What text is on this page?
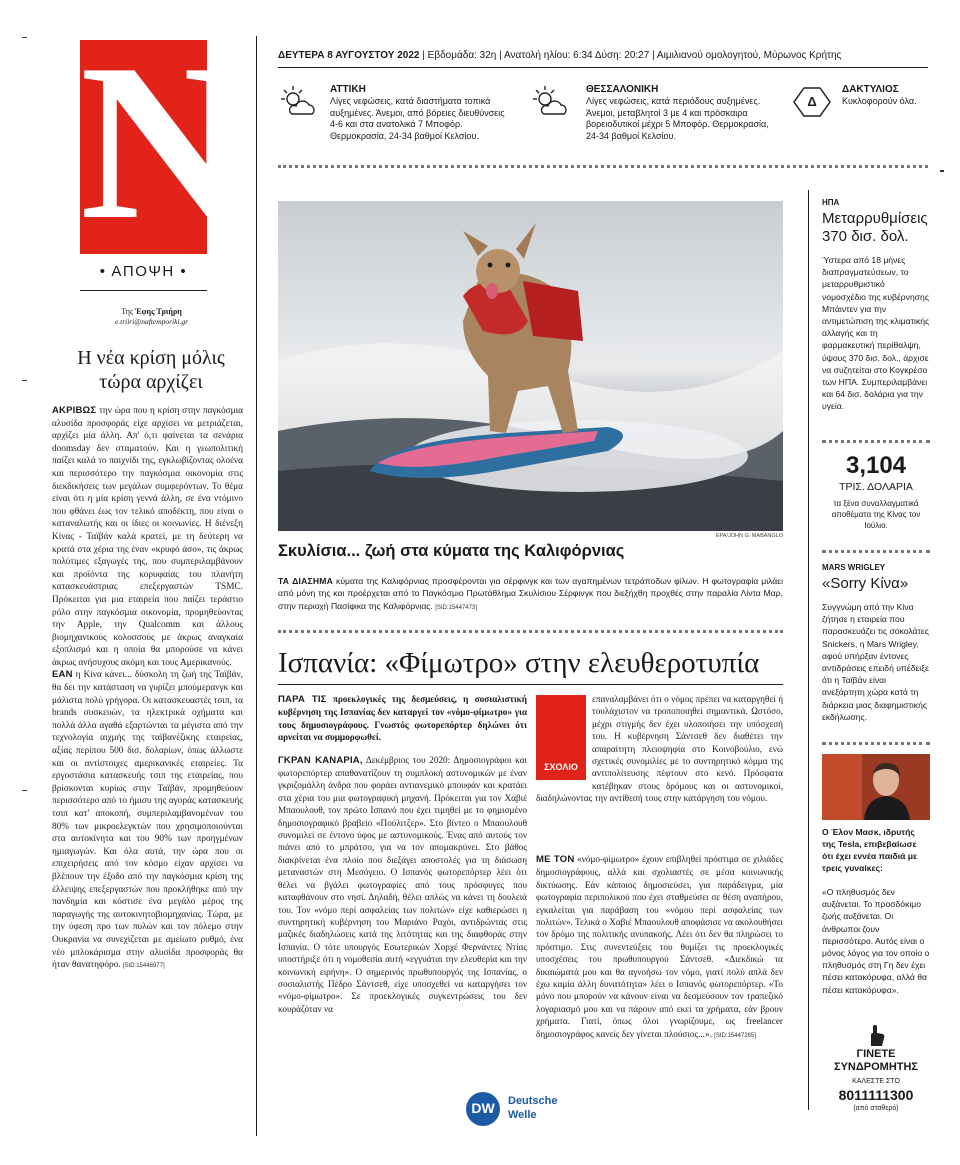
N
• ΑΠΟΨΗ •
Της Έφης Τριήρη
e.triiri@naftemporiki.gr
Η νέα κρίση μόλις τώρα αρχίζει

ΑΚΡΙΒΩΣ την ώρα που η κρίση στην παγκόσμια αλυσίδα προσφοράς είχε αρχίσει να μετριάζεται, αρχίζει μία άλλη. Απ' ό,τι φαίνεται τα σενάρια doomsday δεν σταματούν. Και η γεωπολιτική παίζει καλά το παιχνίδι της, εγκλωβίζοντας ολοένα και περισσότερο την παγκόσμια οικονομία στις διεκδικήσεις των μεγάλων συμφερόντων. Το θέμα είναι ότι η μία κρίση γεννά άλλη, σε ένα ντόμινο που φθάνει έως τον τελικό αποδέκτη, που είναι ο καταναλωτής και οι ίδιες οι κοινωνίες. Η διένεξη Κίνας - Ταϊβάν καλά κρατεί, με τη δεύτερη να κρατά στα χέρια της έναν «κρυφό άσο», τις άκρως πολύτιμες εξαγωγές της, που συμπεριλαμβάνουν και προϊόντα της κορυφαίας του πλανήτη κατασκευάστριας επεξεργαστών TSMC. Πρόκειται για μια εταιρεία που παίζει τεράστιο ρόλο στην παγκόσμια οικονομία, προμηθεύοντας την Apple, την Qualcomm και άλλους βιομηχανικούς κολοσσούς με άκρως αναγκαία εξοπλισμό και η οποία θα μπορούσε να κάνει άκρως ανήσυχους ακόμη και τους Αμερικανούς.

ΕΑΝ η Κίνα κάνει... δύσκολη τη ζωή της Ταϊβάν, θα δει την κατάσταση να γυρίζει μπούμερανγκ και μάλιστα πολύ γρήγορα. Οι κατασκευαστές τσιπ, τα brands συσκευών, τα ηλεκτρικά οχήματα και πολλά άλλα αγαθά εξαρτώνται τα μέγιστα από την τεχνολογία αιχμής της ταϊβανέζικης εταιρείας, αξίας περίπου 500 δισ. δολαρίων, όπως άλλωστε και οι αντίστοιχες αμερικανικές εταιρείες. Τα εργοστάσια κατασκευής τσιπ της εταιρείας, που βρίσκονται κυρίως στην Ταϊβάν, προμηθεύουν περισσότερο από το ήμισυ της αγοράς κατασκευής τσιπ κατ' αποκοπή, συμπεριλαμβανομένων του 80% των μικροελεγκτών που χρησιμοποιούνται στα αυτοκίνητα και του 90% των προηγμένων ημιαγωγών. Και όλα αυτά, την ώρα που οι επιχειρήσεις από τον κόσμο είχαν αρχίσει να βλέπουν την έξοδο από την παγκόσμια κρίση της έλλειψης επεξεργαστών που προκλήθηκε από την πανδημία και κόστισε ένα μεγάλο μέρος της παραγωγής της αυτοκινητοβιομηχανίας. Τώρα, με την ύφεση προ των πυλών και τον πόλεμο στην Ουκρανία να συνεχίζεται με αμείωτο ρυθμό, ένα νέο μπλοκάρισμα στην αλυσίδα προσφοράς θα ήταν θανατηφόρο. [SID:15446977]

ΔΕΥΤΕΡΑ 8 ΑΥΓΟΥΣΤΟΥ 2022 | Εβδομάδα: 32η | Ανατολή ηλίου: 6:34 Δύση: 20:27 | Αιμιλιανού ομολογητού, Μύρωνος Κρήτης
ΑΤΤΙΚΗ
Λίγες νεφώσεις, κατά διαστήματα τοπικά αυξημένες. Άνεμοι, από βόρειες διευθύνσεις 4-6 και στα ανατολικά 7 Μποφόρ. Θερμοκρασία, 24-34 βαθμοί Κελσίου.
ΘΕΣΣΑΛΟΝΙΚΗ
Λίγες νεφώσεις, κατά περιόδους αυξημένες. Άνεμοι, μεταβλητοί 3 με 4 και πρόσκαιρα βορειοδυτικοί μέχρι 5 Μποφόρ. Θερμοκρασία, 24-34 βαθμοί Κελσίου.
Δ
ΔΑΚΤΥΛΙΟΣ
Κυκλοφορούν όλα.
EPA/JOHN G. MABANGLO
Σκυλίσια... ζωή στα κύματα της Καλιφόρνιας
ΤΑ ΔΙΑΣΗΜΑ κύματα της Καλιφόρνιας προσφέρονται για σέρφινγκ και των αγαπημένων τετράποδων φίλων. Η φωτογραφία μιλάει από μόνη της και προέρχεται από το Παγκόσμιο Πρωτάθλημα Σκυλίσιου Σέρφινγκ που διεξήχθη προχθές στην παραλία Λίντα Μαρ, στην περιοχή Πασίφικα της Καλιφόρνιας. [SID:15447473]
Ισπανία: «Φίμωτρο» στην ελευθεροτυπία

ΠΑΡΑ ΤΙΣ προεκλογικές της δεσμεύσεις, η σοσιαλιστική κυβέρνηση της Ισπανίας δεν καταργεί τον «νόμο-φίμωτρο» για τους δημοσιογράφους. Γνωστός φωτορεπόρτερ δηλώνει ότι αρνείται να συμμορφωθεί.

ΓΚΡΑΝ ΚΑΝΑΡΙΑ, Δεκέμβριος του 2020: Δημοσιογράφοι και φωτορεπόρτερ απαθανατίζουν τη συμπλοκή αστυνομικών με έναν γκριζομάλλη άνδρα που φοράει αντιανεμικό μπουφάν και κρατάει στα χέρια του μια φωτογραφική μηχανή. Πρόκειται για τον Χαβιέ Μπαουλουθ, τον πρώτο Ισπανό που έχει τιμηθεί με το φημισμένο δημοσιογραφικό βραβείο «Πούλιτζερ». Στο βίντεο ο Μπαουλουθ συνομιλεί σε έντονο ύφος με αστυνομικούς. Ένας από αυτούς τον πιάνει από το μπράτσο, για να τον απομακρύνει. Στο βάθος διακρίνεται ένα πλοίο που διεξάγει αποστολές για τη διάσωση μεταναστών στη Μεσόγειο. Ο Ισπανός φωτορεπόρτερ λέει ότι θέλει να βγάλει φωτογραφίες από τους πρόσφυγες που καταφθάνουν στο νησί. Δηλαδή, θέλει απλώς να κάνει τη δουλειά του. Τον «νόμο περί ασφαλείας των πολιτών» είχε καθιερώσει η συντηρητική κυβέρνηση του Μαριάνο Ραχόι, αντιδρώντας στις μαζικές διαδηλώσεις κατά της λιτότητας και της διαφθοράς στην Ισπανία. Ο τότε υπουργός Εσωτερικών Χορχέ Φερνάντες Ντίας υποστήριξε ότι η νομοθεσία αυτή «εγγυάται την ελευθερία και την κοινωνική ειρήνη». Ο σημερινός πρωθυπουργός της Ισπανίας, ο σοσιαλιστής Πέδρο Σάντσεθ, είχε υποσχεθεί να καταργήσει τον «νόμο-φίμωτρο». Σε προεκλογικές συγκεντρώσεις του δεν κουράζόταν να

ΣΧΟΛΙΟ
επαναλαμβάνει ότι ο νόμος πρέπει να καταργηθεί ή τουλάχιστον να τροποποιηθεί σημαντικά. Ωστόσο, μέχρι στιγμής δεν έχει υλοποιήσει την υπόσχεσή του. Η κυβέρνηση Σάντσεθ δεν διαθέτει την απαραίτητη πλειοψηφία στο Κοινοβούλιο, ενώ σχετικές συνομιλίες με το συντηρητικό κόμμα της αντιπολίτευσης πέφτουν στο κενό. Πρόσφατα κατέβηκαν στους δρόμους και οι αστυνομικοί, διαδηλώνοντας την αντίθεσή τους στην κατάργηση του νόμου.

ΜΕ ΤΟΝ «νόμο-φίμωτρο» έχουν επιβληθεί πρόστιμα σε χιλιάδες δημοσιογράφους, αλλά και σχολιαστές σε μέσα κοινωνικής δικτύωσης. Εάν κάποιος δημοσιεύσει, για παράδειγμα, μία φωτογραφία περιπολικού που έχει σταθμεύσει σε θέση αναπήρου, εγκαλείται για παράβαση του «νόμου περί ασφαλείας των πολιτών». Τελικά ο Χαβιέ Μπαουλουθ αποφάσισε να ακολουθήσει τον δρόμο της πολιτικής ανυπακοής. Λέει ότι δεν θα πληρώσει το πρόστιμο. Στις συνεντεύξεις του θυμίζει τις προεκλογικές υποσχέσεις του πρωθυπουργού Σάντσεθ. «Διεκδικώ τα δικαιώματά μου και θα αγνοήσω τον νόμο, γιατί πολύ απλά δεν έχω καμία άλλη δυνατότητα» λέει ο Ισπανός φωτορεπόρτερ. «Το μόνο που μπορούν να κάνουν είναι να δεσμεύσουν τον τραπεζικό λογαριασμό μου και να πάρουν από εκεί τα χρήματα, εάν βρουν χρήματα. Γιατί, όπως όλοι γνωρίζουμε, ως freelancer δημοσιογράφος κανείς δεν γίνεται πλούσιος...». [SID:15447265]

DW	Deutsche
Welle
ΗΠΑ
Μεταρρυθμίσεις 370 δισ. δολ.
Ύστερα από 18 μήνες διαπραγματεύσεων, το μεταρρυθμιστικό νομοσχέδιο της κυβέρνησης Μπάιντεν για την αντιμετώπιση της κλιματικής αλλαγής και τη φαρμακευτική περίθαλψη, ύψους 370 δισ. δολ., άρχισε να συζητείται στο Κογκρέσο των ΗΠΑ. Συμπεριλαμβάνει και 64 δισ. δολάρια για την υγεία.
3,104
ΤΡΙΣ. ΔΟΛΑΡΙΑ
τα ξένα συναλλαγματικά αποθέματα της Κίνας τον Ιούλιο.
MARS WRIGLEY
«Sorry Κίνα»
Συγγνώμη από την Κίνα ζήτησε η εταιρεία που παρασκευάζει τις σοκολάτες Snickers, η Mars Wrigley, αφού υπήρξαν έντονες αντιδράσεις επειδή υπέδειξε ότι η Ταϊβάν είναι ανεξάρτητη χώρα κατά τη διάρκεια μιας διαφημιστικής εκδήλωσης.
Ο Έλον Μασκ, ιδρυτής της Tesla, επιβεβαίωσε ότι έχει εννέα παιδιά με τρεις γυναίκες:
«Ο πληθυσμός δεν αυξάνεται. Το προσδόκιμο ζωής αυξάνεται. Οι άνθρωποι ζουν περισσότερο. Αυτός είναι ο μόνος λόγος για τον οποίο ο πληθυσμός στη Γη δεν έχει πέσει κατακόρυφα, αλλά θα πέσει κατακόρυφα».
ΓΙΝΕΤΕ
ΣΥΝΔΡΟΜΗΤΗΣ
ΚΑΛΕΣΤΕ ΣΤΟ
8011111300
(από σταθερό)
